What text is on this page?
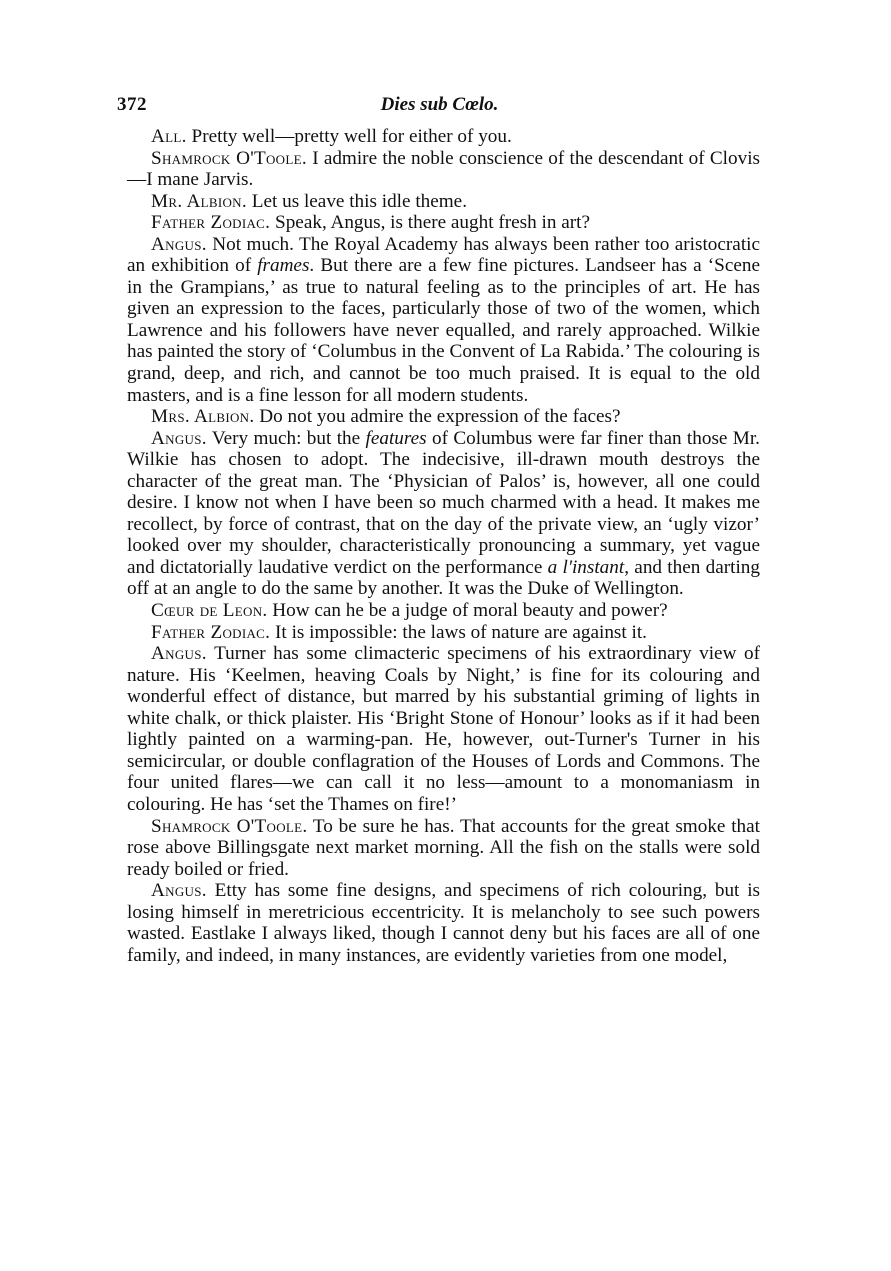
372	Dies sub Cœlo.

All. Pretty well—pretty well for either of you.

Shamrock O'Toole. I admire the noble conscience of the descendant of Clovis—I mane Jarvis.

Mr. Albion. Let us leave this idle theme.

Father Zodiac. Speak, Angus, is there aught fresh in art?

Angus. Not much. The Royal Academy has always been rather too aristocratic an exhibition of frames. But there are a few fine pictures. Landseer has a ‘Scene in the Grampians,’ as true to natural feeling as to the principles of art. He has given an expression to the faces, particularly those of two of the women, which Lawrence and his followers have never equalled, and rarely approached. Wilkie has painted the story of ‘Columbus in the Convent of La Rabida.’ The colouring is grand, deep, and rich, and cannot be too much praised. It is equal to the old masters, and is a fine lesson for all modern students.

Mrs. Albion. Do not you admire the expression of the faces?

Angus. Very much: but the features of Columbus were far finer than those Mr. Wilkie has chosen to adopt. The indecisive, ill-drawn mouth destroys the character of the great man. The ‘Physician of Palos’ is, however, all one could desire. I know not when I have been so much charmed with a head. It makes me recollect, by force of contrast, that on the day of the private view, an ‘ugly vizor’ looked over my shoulder, characteristically pronouncing a summary, yet vague and dictatorially laudative verdict on the performance a l'instant, and then darting off at an angle to do the same by another. It was the Duke of Wellington.

Cœur de Leon. How can he be a judge of moral beauty and power?

Father Zodiac. It is impossible: the laws of nature are against it.

Angus. Turner has some climacteric specimens of his extraordinary view of nature. His ‘Keelmen, heaving Coals by Night,’ is fine for its colouring and wonderful effect of distance, but marred by his substantial griming of lights in white chalk, or thick plaister. His ‘Bright Stone of Honour’ looks as if it had been lightly painted on a warming-pan. He, however, out-Turner's Turner in his semicircular, or double conflagration of the Houses of Lords and Commons. The four united flares—we can call it no less—amount to a monomaniasm in colouring. He has ‘set the Thames on fire!’

Shamrock O'Toole. To be sure he has. That accounts for the great smoke that rose above Billingsgate next market morning. All the fish on the stalls were sold ready boiled or fried.

Angus. Etty has some fine designs, and specimens of rich colouring, but is losing himself in meretricious eccentricity. It is melancholy to see such powers wasted. Eastlake I always liked, though I cannot deny but his faces are all of one family, and indeed, in many instances, are evidently varieties from one model,
